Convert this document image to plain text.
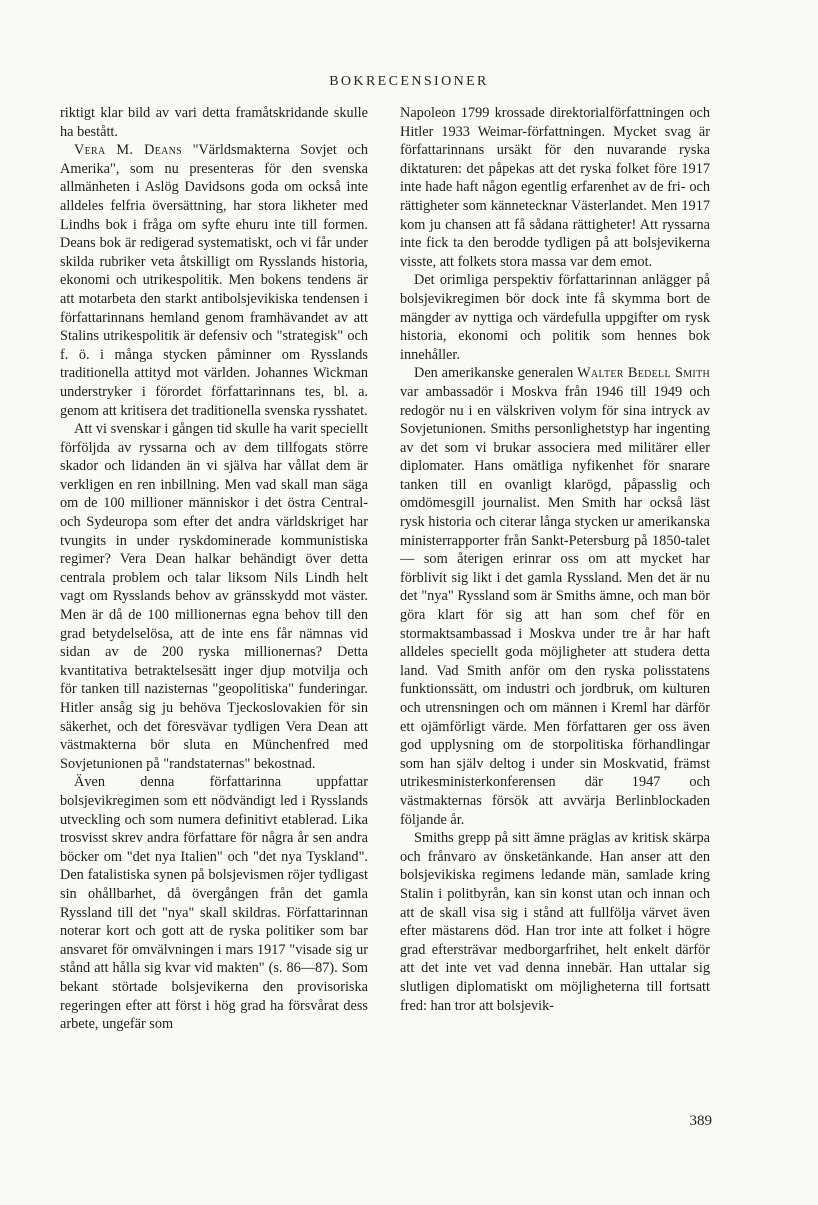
BOKRECENSIONER

riktigt klar bild av vari detta framåtskridande skulle ha bestått.

Vera M. Deans "Världsmakterna Sovjet och Amerika", som nu presenteras för den svenska allmänheten i Aslög Davidsons goda om också inte alldeles felfria översättning, har stora likheter med Lindhs bok i fråga om syfte ehuru inte till formen. Deans bok är redigerad systematiskt, och vi får under skilda rubriker veta åtskilligt om Rysslands historia, ekonomi och utrikespolitik. Men bokens tendens är att motarbeta den starkt antibolsjevikiska tendensen i författarinnans hemland genom framhävandet av att Stalins utrikespolitik är defensiv och "strategisk" och f. ö. i många stycken påminner om Rysslands traditionella attityd mot världen. Johannes Wickman understryker i förordet författarinnans tes, bl. a. genom att kritisera det traditionella svenska rysshatet.

Att vi svenskar i gången tid skulle ha varit speciellt förföljda av ryssarna och av dem tillfogats större skador och lidanden än vi själva har vållat dem är verkligen en ren inbillning. Men vad skall man säga om de 100 millioner människor i det östra Central- och Sydeuropa som efter det andra världskriget har tvungits in under ryskdominerade kommunistiska regimer? Vera Dean halkar behändigt över detta centrala problem och talar liksom Nils Lindh helt vagt om Rysslands behov av gränsskydd mot väster. Men är då de 100 millionernas egna behov till den grad betydelselösa, att de inte ens får nämnas vid sidan av de 200 ryska millionernas? Detta kvantitativa betraktelsesätt inger djup motvilja och för tanken till nazisternas "geopolitiska" funderingar. Hitler ansåg sig ju behöva Tjeckoslovakien för sin säkerhet, och det föresvävar tydligen Vera Dean att västmakterna bör sluta en Münchenfred med Sovjetunionen på "randstaternas" bekostnad.

Även denna författarinna uppfattar bolsjevikregimen som ett nödvändigt led i Rysslands utveckling och som numera definitivt etablerad. Lika trosvisst skrev andra författare för några år sen andra böcker om "det nya Italien" och "det nya Tyskland". Den fatalistiska synen på bolsjevismen röjer tydligast sin ohållbarhet, då övergången från det gamla Ryssland till det "nya" skall skildras. Författarinnan noterar kort och gott att de ryska politiker som bar ansvaret för omvälvningen i mars 1917 "visade sig ur stånd att hålla sig kvar vid makten" (s. 86—87). Som bekant störtade bolsjevikerna den provisoriska regeringen efter att först i hög grad ha försvårat dess arbete, ungefär som

Napoleon 1799 krossade direktorialförfattningen och Hitler 1933 Weimar-författningen. Mycket svag är författarinnans ursäkt för den nuvarande ryska diktaturen: det påpekas att det ryska folket före 1917 inte hade haft någon egentlig erfarenhet av de fri- och rättigheter som kännetecknar Västerlandet. Men 1917 kom ju chansen att få sådana rättigheter! Att ryssarna inte fick ta den berodde tydligen på att bolsjevikerna visste, att folkets stora massa var dem emot.

Det orimliga perspektiv författarinnan anlägger på bolsjevikregimen bör dock inte få skymma bort de mängder av nyttiga och värdefulla uppgifter om rysk historia, ekonomi och politik som hennes bok innehåller.

Den amerikanske generalen Walter Bedell Smith var ambassadör i Moskva från 1946 till 1949 och redogör nu i en välskriven volym för sina intryck av Sovjetunionen. Smiths personlighetstyp har ingenting av det som vi brukar associera med militärer eller diplomater. Hans omätliga nyfikenhet för snarare tanken till en ovanligt klarögd, påpasslig och omdömesgill journalist. Men Smith har också läst rysk historia och citerar långa stycken ur amerikanska ministerrapporter från Sankt-Petersburg på 1850-talet — som återigen erinrar oss om att mycket har förblivit sig likt i det gamla Ryssland. Men det är nu det "nya" Ryssland som är Smiths ämne, och man bör göra klart för sig att han som chef för en stormaktsambassad i Moskva under tre år har haft alldeles speciellt goda möjligheter att studera detta land. Vad Smith anför om den ryska polisstatens funktionssätt, om industri och jordbruk, om kulturen och utrensningen och om männen i Kreml har därför ett ojämförligt värde. Men författaren ger oss även god upplysning om de storpolitiska förhandlingar som han själv deltog i under sin Moskvatid, främst utrikesministerkonferensen där 1947 och västmakternas försök att avvärja Berlinblockaden följande år.

Smiths grepp på sitt ämne präglas av kritisk skärpa och frånvaro av önsketänkande. Han anser att den bolsjevikiska regimens ledande män, samlade kring Stalin i politbyrån, kan sin konst utan och innan och att de skall visa sig i stånd att fullfölja värvet även efter mästarens död. Han tror inte att folket i högre grad eftersträvar medborgarfrihet, helt enkelt därför att det inte vet vad denna innebär. Han uttalar sig slutligen diplomatiskt om möjligheterna till fortsatt fred: han tror att bolsjevik-

389
